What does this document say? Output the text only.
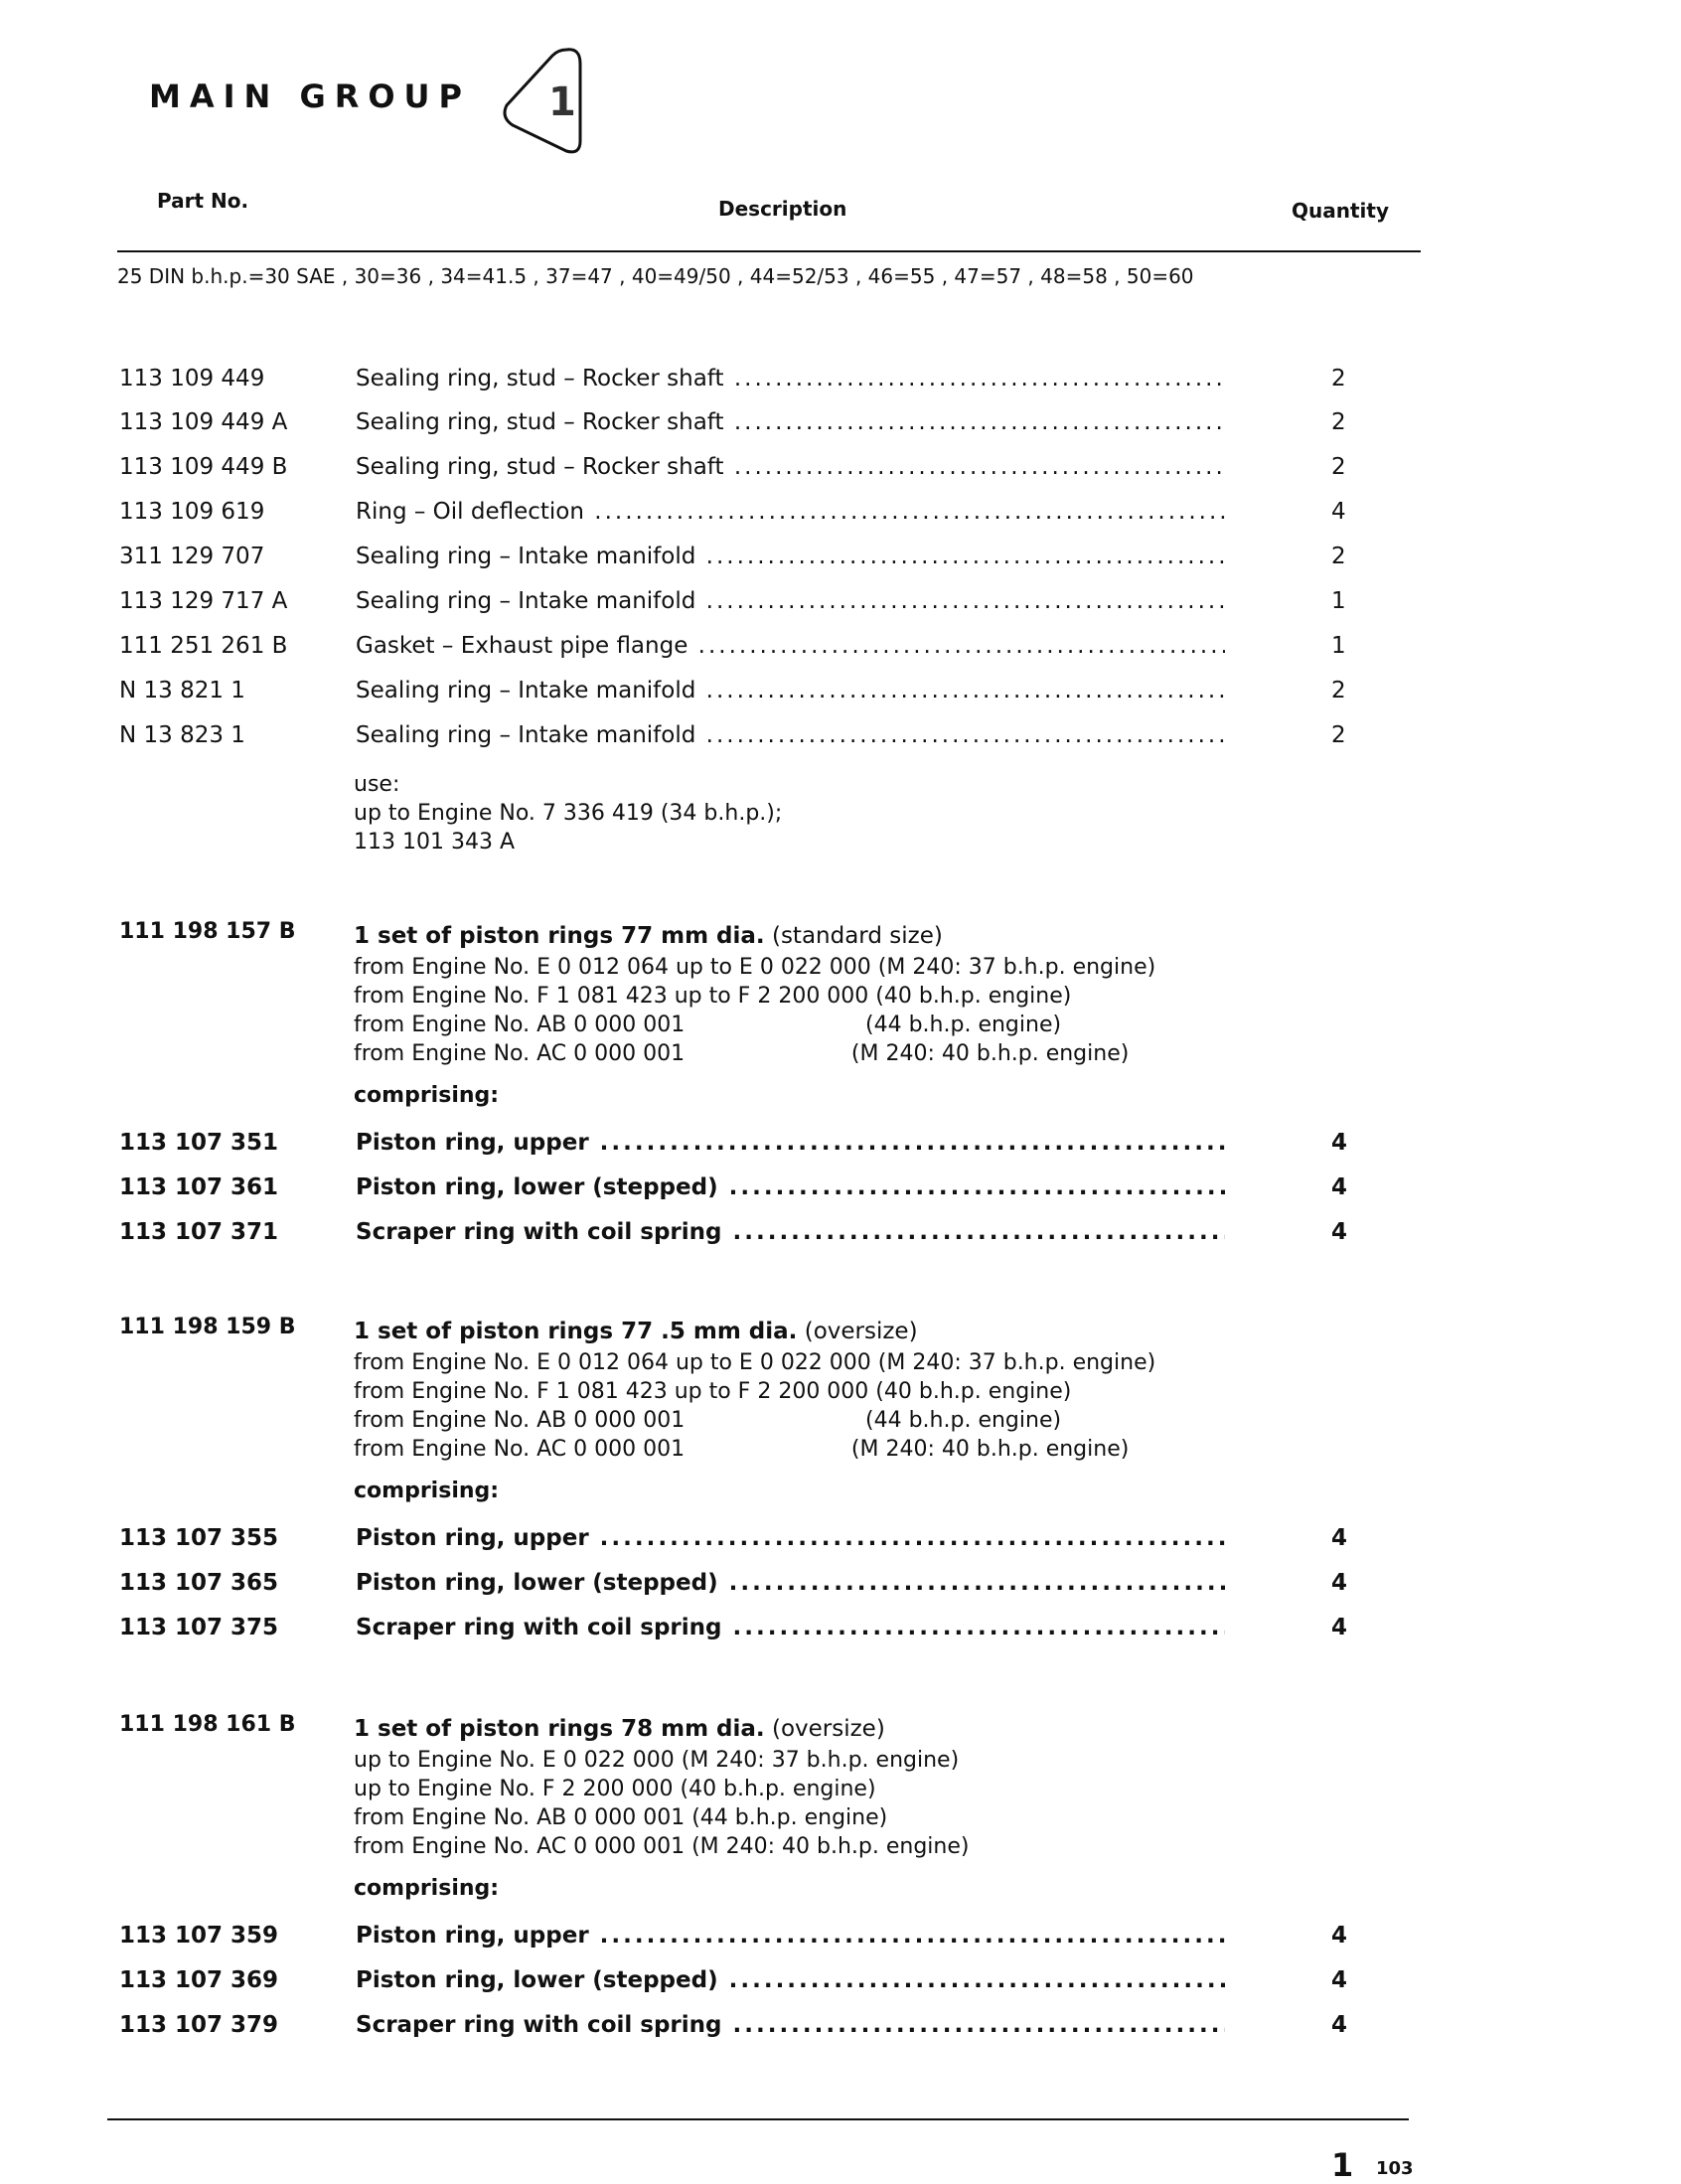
MAIN GROUP 1
Part No.	Description	Quantity
25 DIN b.h.p.=30 SAE , 30=36 , 34=41.5 , 37=47 , 40=49/50 , 44=52/53 , 46=55 , 47=57 , 48=58 , 50=60
113 109 449	Sealing ring, stud – Rocker shaft .....	2
113 109 449 A	Sealing ring, stud – Rocker shaft .....	2
113 109 449 B	Sealing ring, stud – Rocker shaft .....	2
113 109 619	Ring – Oil deflection .....	4
311 129 707	Sealing ring – Intake manifold .....	2
113 129 717 A	Sealing ring – Intake manifold .....	1
111 251 261 B	Gasket – Exhaust pipe flange .....	1
N 13 821 1	Sealing ring – Intake manifold .....	2
N 13 823 1	Sealing ring – Intake manifold .....	2
use:
up to Engine No. 7 336 419 (34 b.h.p.);
113 101 343 A
111 198 157 B	1 set of piston rings 77 mm dia. (standard size)
from Engine No. E 0 012 064 up to E 0 022 000 (M 240: 37 b.h.p. engine)
from Engine No. F 1 081 423 up to F 2 200 000 (40 b.h.p. engine)
from Engine No. AB 0 000 001                          (44 b.h.p. engine)
from Engine No. AC 0 000 001                        (M 240: 40 b.h.p. engine)
comprising:
113 107 351	Piston ring, upper .....	4
113 107 361	Piston ring, lower (stepped) .....	4
113 107 371	Scraper ring with coil spring .....	4
111 198 159 B	1 set of piston rings 77 .5 mm dia. (oversize)
from Engine No. E 0 012 064 up to E 0 022 000 (M 240: 37 b.h.p. engine)
from Engine No. F 1 081 423 up to F 2 200 000 (40 b.h.p. engine)
from Engine No. AB 0 000 001                          (44 b.h.p. engine)
from Engine No. AC 0 000 001                        (M 240: 40 b.h.p. engine)
comprising:
113 107 355	Piston ring, upper .....	4
113 107 365	Piston ring, lower (stepped) .....	4
113 107 375	Scraper ring with coil spring .....	4
111 198 161 B	1 set of piston rings 78 mm dia. (oversize)
up to Engine No. E 0 022 000 (M 240: 37 b.h.p. engine)
up to Engine No. F 2 200 000 (40 b.h.p. engine)
from Engine No. AB 0 000 001 (44 b.h.p. engine)
from Engine No. AC 0 000 001 (M 240: 40 b.h.p. engine)
comprising:
113 107 359	Piston ring, upper .....	4
113 107 369	Piston ring, lower (stepped) .....	4
113 107 379	Scraper ring with coil spring .....	4
1 103
